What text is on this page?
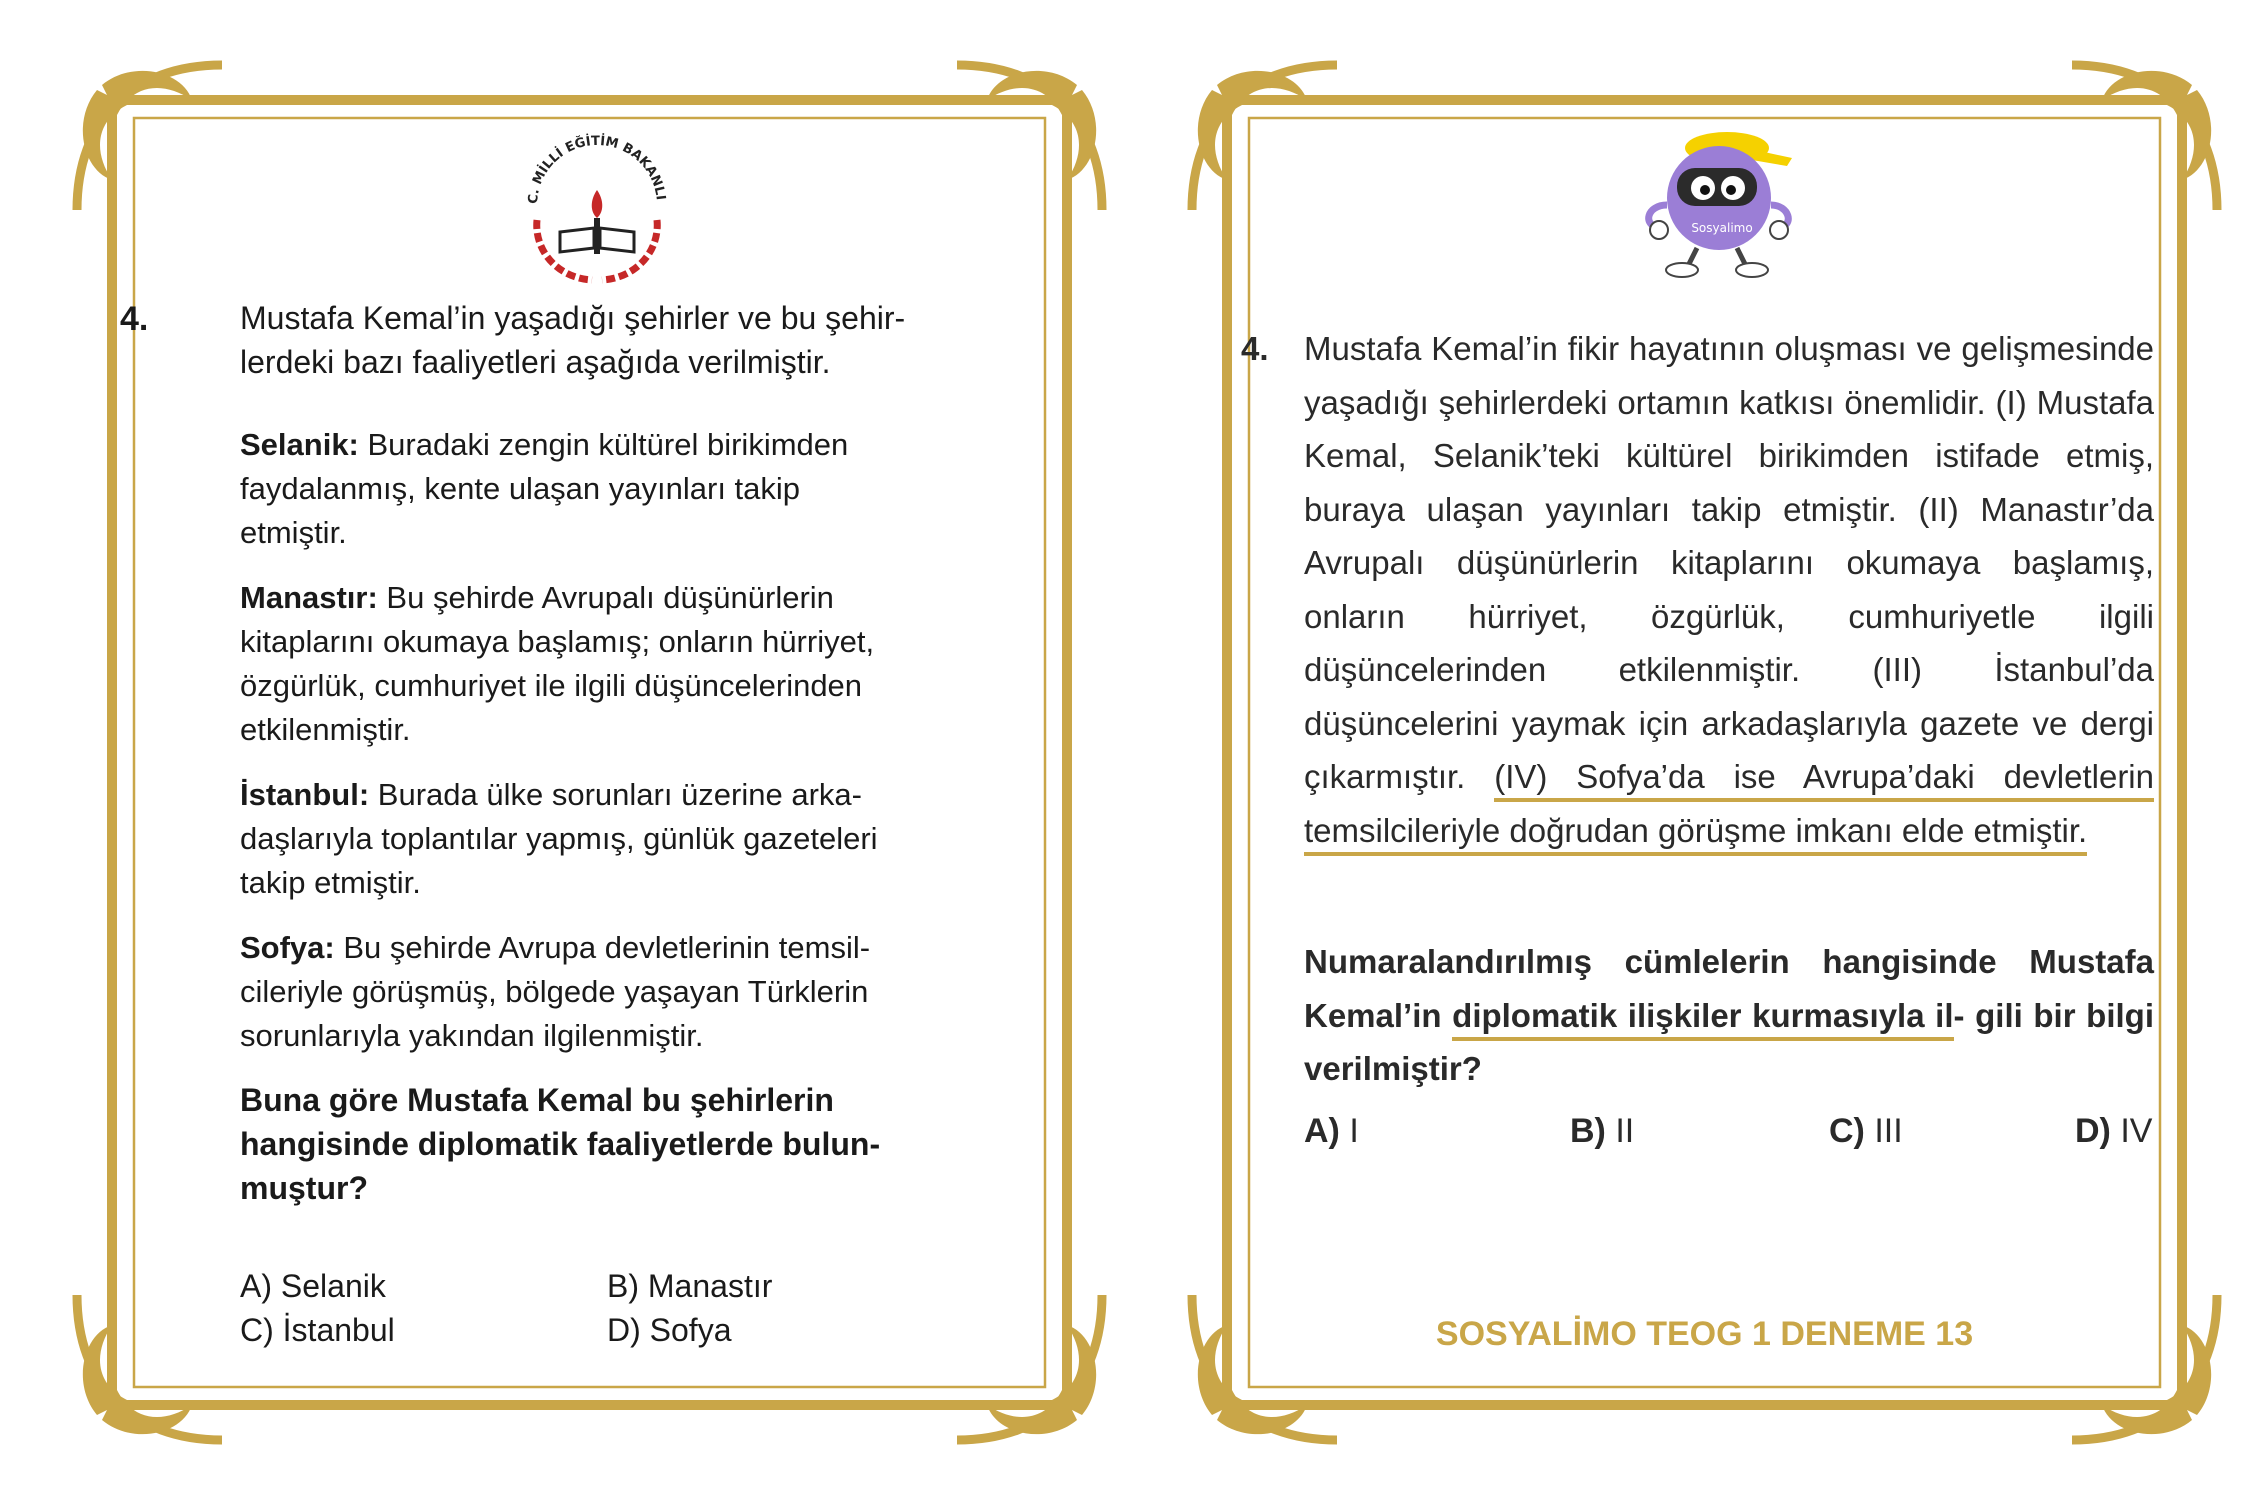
C. MİLLİ EĞİTİM BAKANLI
4.	Mustafa Kemal’in yaşadığı şehirler ve bu şehir-
lerdeki bazı faaliyetleri aşağıda verilmiştir.
Selanik: Buradaki zengin kültürel birikimden
faydalanmış, kente ulaşan yayınları takip
etmiştir.
Manastır: Bu şehirde Avrupalı düşünürlerin
kitaplarını okumaya başlamış; onların hürriyet,
özgürlük, cumhuriyet ile ilgili düşüncelerinden
etkilenmiştir.
İstanbul: Burada ülke sorunları üzerine arka-
daşlarıyla toplantılar yapmış, günlük gazeteleri
takip etmiştir.
Sofya: Bu şehirde Avrupa devletlerinin temsil-
cileriyle görüşmüş, bölgede yaşayan Türklerin
sorunlarıyla yakından ilgilenmiştir.
Buna göre Mustafa Kemal bu şehirlerin
hangisinde diplomatik faaliyetlerde bulun-
muştur?
A) Selanik	B) Manastır
C) İstanbul	D) Sofya
Sosyalimo
4. Mustafa Kemal’in fikir hayatının oluşması ve gelişmesinde yaşadığı şehirlerdeki ortamın katkısı önemlidir. (I) Mustafa Kemal, Selanik’teki kültürel birikimden istifade etmiş, buraya ulaşan yayınları takip etmiştir. (II) Manastır’da Avrupalı düşünürlerin kitaplarını okumaya başlamış, onların hürriyet, özgürlük, cumhuriyetle ilgili düşüncelerinden etkilenmiştir. (III) İstanbul’da düşüncelerini yaymak için arkadaşlarıyla gazete ve dergi çıkarmıştır. (IV) Sofya’da ise Avrupa’daki devletlerin temsilcileriyle doğrudan görüşme imkanı elde etmiştir.
Numaralandırılmış cümlelerin hangisinde Mustafa Kemal’in diplomatik ilişkiler kurmasıyla il- gili bir bilgi verilmiştir?
A) I	B) II	C) III	D) IV
SOSYALİMO TEOG 1 DENEME 13
